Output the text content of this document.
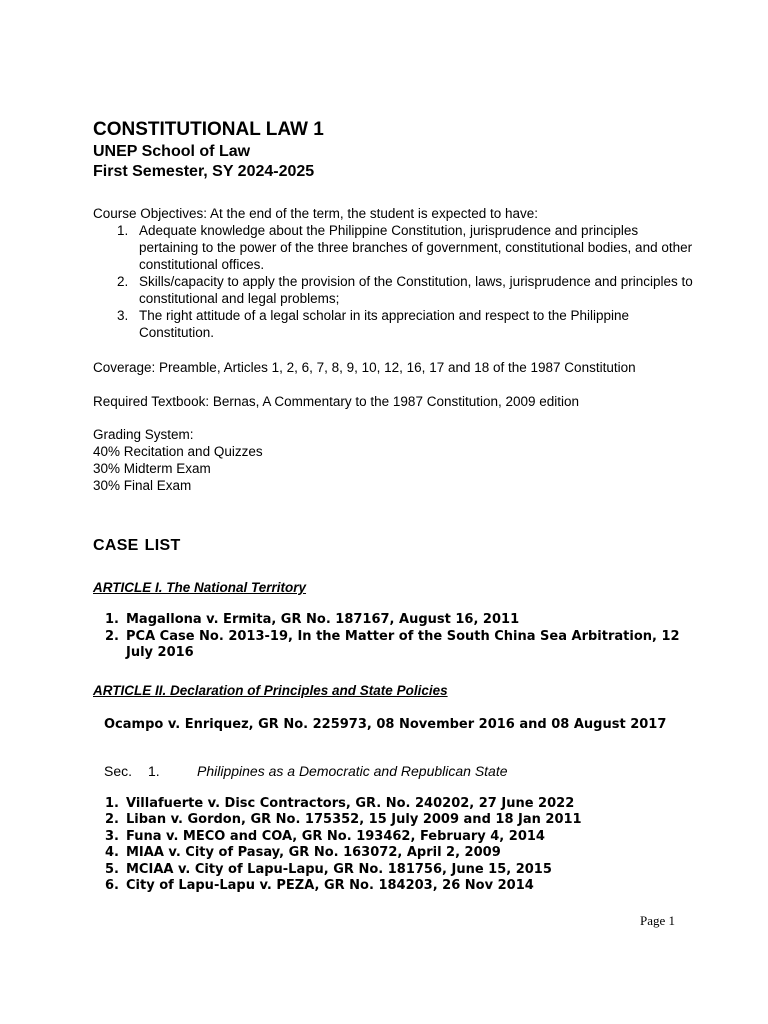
CONSTITUTIONAL LAW 1
UNEP School of Law
First Semester, SY 2024-2025
Course Objectives: At the end of the term, the student is expected to have:
1. Adequate knowledge about the Philippine Constitution, jurisprudence and principles pertaining to the power of the three branches of government, constitutional bodies, and other constitutional offices.
2. Skills/capacity to apply the provision of the Constitution, laws, jurisprudence and principles to constitutional and legal problems;
3. The right attitude of a legal scholar in its appreciation and respect to the Philippine Constitution.
Coverage: Preamble, Articles 1, 2, 6, 7, 8, 9, 10, 12, 16, 17 and 18 of the 1987 Constitution
Required Textbook: Bernas, A Commentary to the 1987 Constitution, 2009 edition
Grading System:
40% Recitation and Quizzes
30% Midterm Exam
30% Final Exam
CASE LIST
ARTICLE I. The National Territory
1. Magallona v. Ermita, GR No. 187167, August 16, 2011
2. PCA Case No. 2013-19, In the Matter of the South China Sea Arbitration, 12 July 2016
ARTICLE II. Declaration of Principles and State Policies
Ocampo v. Enriquez, GR No. 225973, 08 November 2016 and 08 August 2017
Sec. 1.	Philippines as a Democratic and Republican State
1. Villafuerte v. Disc Contractors, GR. No. 240202, 27 June 2022
2. Liban v. Gordon, GR No. 175352, 15 July 2009 and 18 Jan 2011
3. Funa v. MECO and COA, GR No. 193462, February 4, 2014
4. MIAA v. City of Pasay, GR No. 163072, April 2, 2009
5. MCIAA v. City of Lapu-Lapu, GR No. 181756, June 15, 2015
6. City of Lapu-Lapu v. PEZA, GR No. 184203, 26 Nov 2014
Page 1
